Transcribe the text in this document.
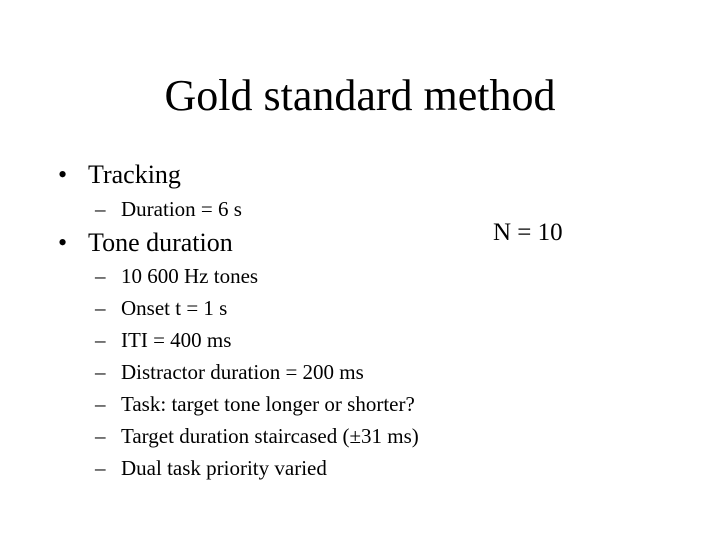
Gold standard method
• Tracking
– Duration = 6 s
• Tone duration
– 10 600 Hz tones
– Onset t = 1 s
– ITI = 400 ms
– Distractor duration = 200 ms
– Task: target tone longer or shorter?
– Target duration staircased (±31 ms)
– Dual task priority varied
N = 10
